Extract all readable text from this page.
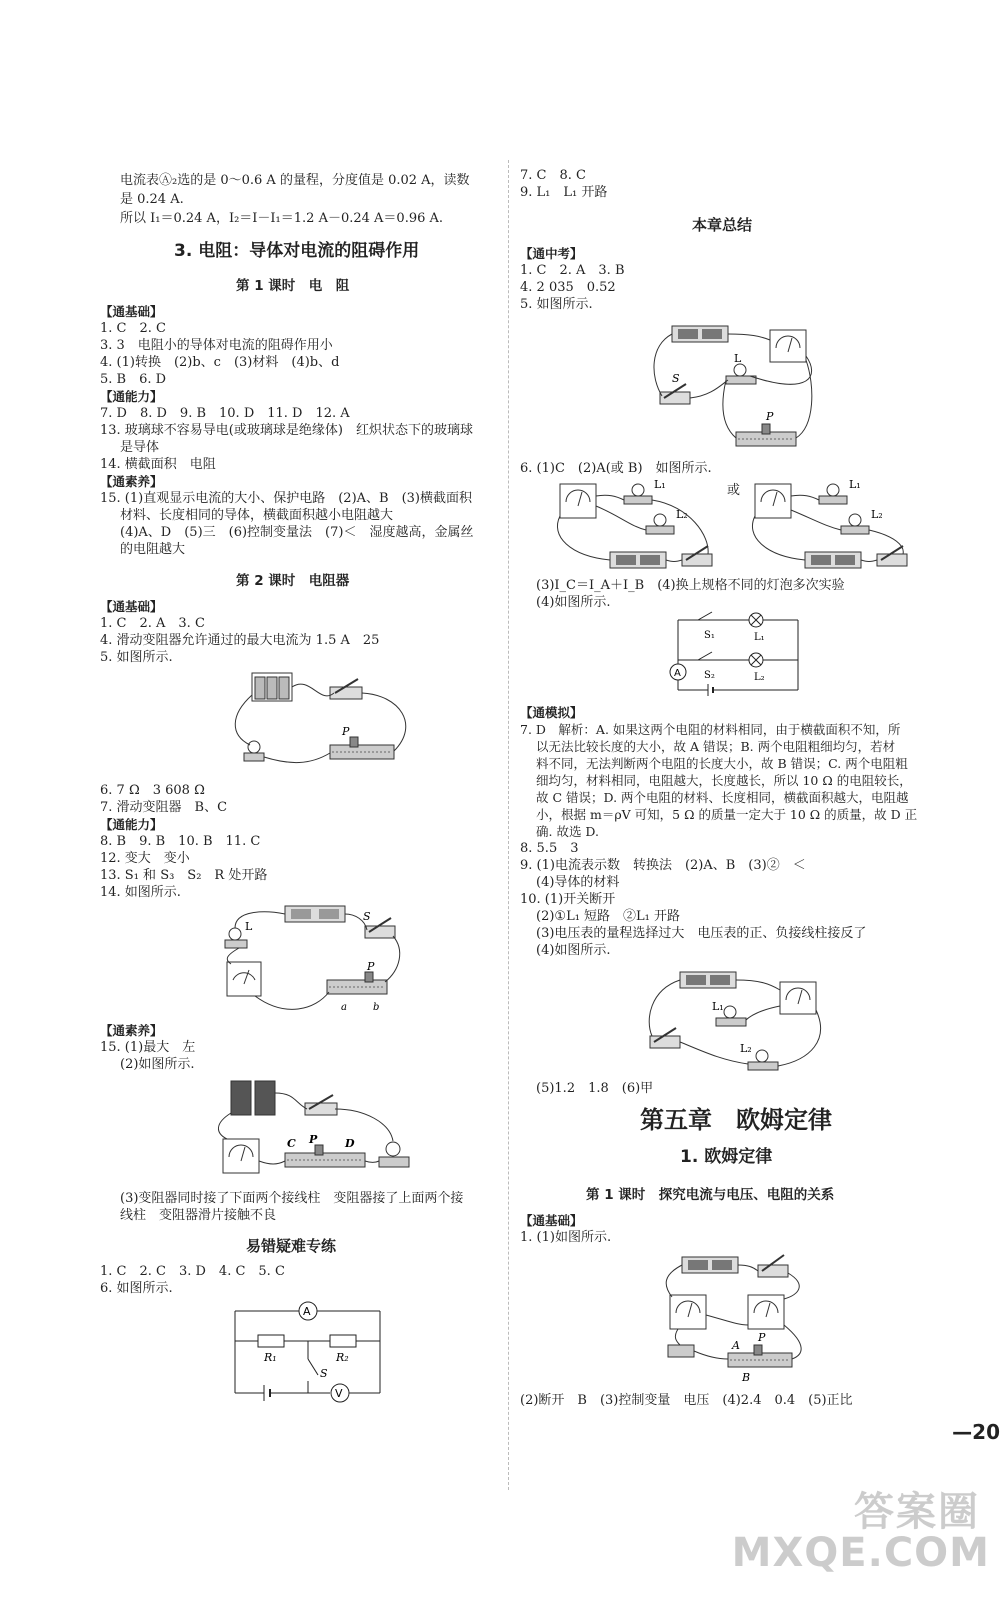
电流表Ⓐ₂选的是 0～0.6 A 的量程，分度值是 0.02 A，读数
是 0.24 A.
所以 I₁＝0.24 A，I₂＝I－I₁＝1.2 A－0.24 A＝0.96 A.
3. 电阻：导体对电流的阻碍作用
第 1 课时　电　阻
【通基础】
1. C　2. C
3. 3　电阻小的导体对电流的阻碍作用小
4. (1)转换　(2)b、c　(3)材料　(4)b、d
5. B　6. D
【通能力】
7. D　8. D　9. B　10. D　11. D　12. A
13. 玻璃球不容易导电(或玻璃球是绝缘体)　红炽状态下的玻璃球
是导体
14. 横截面积　电阻
【通素养】
15. (1)直观显示电流的大小、保护电路　(2)A、B　(3)横截面积
材料、长度相同的导体，横截面积越小电阻越大
(4)A、D　(5)三　(6)控制变量法　(7)＜　湿度越高，金属丝
的电阻越大
第 2 课时　电阻器
【通基础】
1. C　2. A　3. C
4. 滑动变阻器允许通过的最大电流为 1.5 A　25
5. 如图所示.
P
6. 7 Ω　3 608 Ω
7. 滑动变阻器　B、C
【通能力】
8. B　9. B　10. B　11. C
12. 变大　变小
13. S₁ 和 S₃　S₂　R 处开路
14. 如图所示.
S
L
P
a	b
【通素养】
15. (1)最大　左
(2)如图所示.
C P	D
(3)变阻器同时接了下面两个接线柱　变阻器接了上面两个接
线柱　变阻器滑片接触不良
易错疑难专练
1. C　2. C　3. D　4. C　5. C
6. 如图所示.
A
R₁	R₂
S
V
7. C　8. C
9. L₁　L₁ 开路
本章总结
【通中考】
1. C　2. A　3. B
4. 2 035　0.52
5. 如图所示.
L
S
P
6. (1)C　(2)A(或 B)　如图所示.
L₁
L₂
或	L₁
L₂
(3)I_C＝I_A＋I_B　(4)换上规格不同的灯泡多次实验
(4)如图所示.
S₁
S₂
L₁
L₂
A
【通模拟】
7. D　解析：A. 如果这两个电阻的材料相同，由于横截面积不知，所
以无法比较长度的大小，故 A 错误；B. 两个电阻粗细均匀，若材
料不同，无法判断两个电阻的长度大小，故 B 错误；C. 两个电阻粗
细均匀，材料相同，电阻越大，长度越长，所以 10 Ω 的电阻较长，
故 C 错误；D. 两个电阻的材料、长度相同，横截面积越大，电阻越
小，根据 m＝ρV 可知，5 Ω 的质量一定大于 10 Ω 的质量，故 D 正
确. 故选 D.
8. 5.5　3
9. (1)电流表示数　转换法　(2)A、B　(3)②　＜
(4)导体的材料
10. (1)开关断开
(2)①L₁ 短路　②L₁ 开路
(3)电压表的量程选择过大　电压表的正、负接线柱接反了
(4)如图所示.
L₁
L₂
(5)1.2　1.8　(6)甲
第五章　欧姆定律
1. 欧姆定律
第 1 课时　探究电流与电压、电阻的关系
【通基础】
1. (1)如图所示.
A
P
B
(2)断开　B　(3)控制变量　电压　(4)2.4　0.4　(5)正比
—20
答案圈
MXQE.COM
